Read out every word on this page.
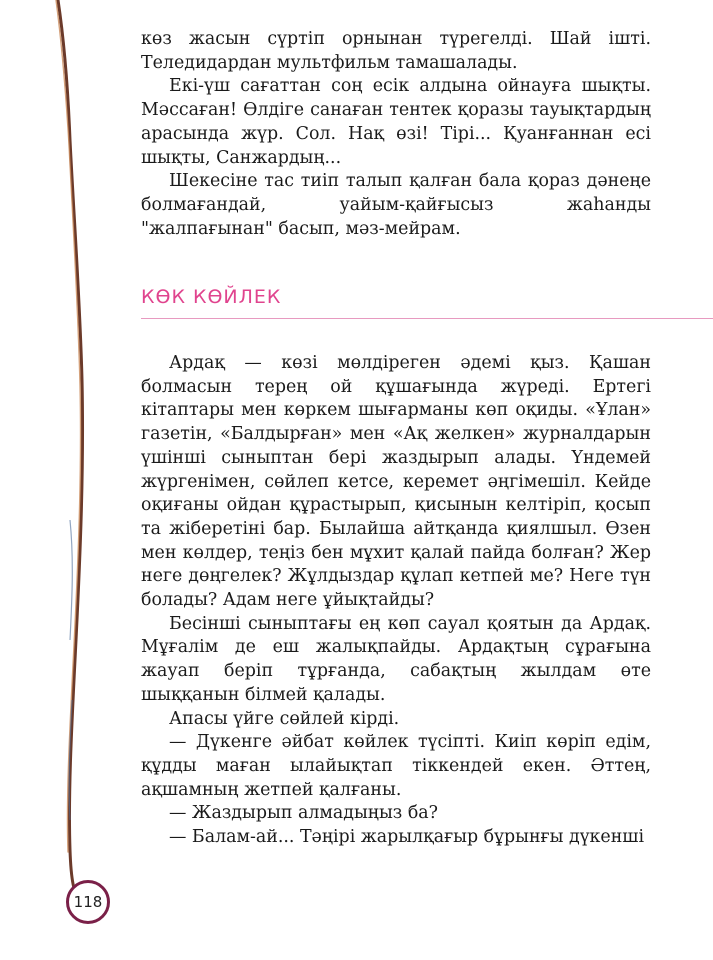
көз жасын сүртіп орнынан түрегелді. Шай ішті. Теледидардан мультфильм тамашалады.

Екі-үш сағаттан соң есік алдына ойнауға шықты. Мәссаған! Өлдіге санаған тентек қоразы тауықтардың арасында жүр. Сол. Нақ өзі! Тірі... Қуанғаннан есі шықты, Санжардың...

Шекесіне тас тиіп талып қалған бала қораз дәнеңе болмағандай, уайым-қайғысыз жаһанды "жалпағынан" басып, мәз-мейрам.

КӨК КӨЙЛЕК

Ардақ — көзі мөлдіреген әдемі қыз. Қашан болмасын терең ой құшағында жүреді. Ертегі кітаптары мен көркем шығарманы көп оқиды. «Ұлан» газетін, «Балдырған» мен «Ақ желкен» журналдарын үшінші сыныптан бері жаздырып алады. Үндемей жүргенімен, сөйлеп кетсе, керемет әңгімешіл. Кейде оқиғаны ойдан құрастырып, қисынын келтіріп, қосып та жіберетіні бар. Былайша айтқанда қиялшыл. Өзен мен көлдер, теңіз бен мұхит қалай пайда болған? Жер неге дөңгелек? Жұлдыздар құлап кетпей ме? Неге түн болады? Адам неге ұйықтайды?

Бесінші сыныптағы ең көп сауал қоятын да Ардақ. Мұғалім де еш жалықпайды. Ардақтың сұрағына жауап беріп тұрғанда, сабақтың жылдам өте шыққанын білмей қалады.

Апасы үйге сөйлей кірді.

— Дүкенге әйбат көйлек түсіпті. Киіп көріп едім, құдды маған ылайықтап тіккендей екен. Әттең, ақшамның жетпей қалғаны.

— Жаздырып алмадыңыз ба?

— Балам-ай... Тәңірі жарылқағыр бұрынғы дүкенші

118
